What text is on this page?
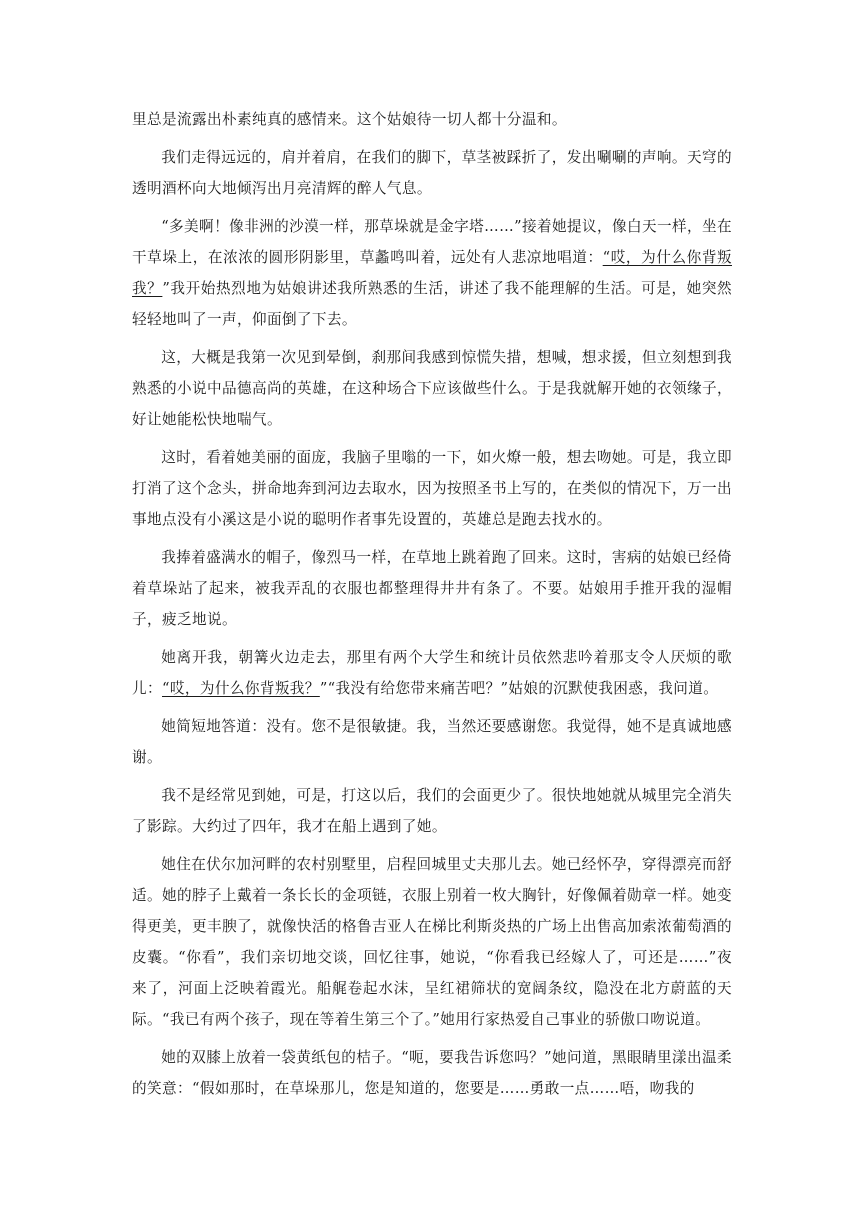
里总是流露出朴素纯真的感情来。这个姑娘待一切人都十分温和。

我们走得远远的，肩并着肩，在我们的脚下，草茎被踩折了，发出唰唰的声响。天穹的透明酒杯向大地倾泻出月亮清辉的醉人气息。

“多美啊！像非洲的沙漠一样，那草垛就是金字塔……”接着她提议，像白天一样，坐在干草垛上，在浓浓的圆形阴影里，草蠡鸣叫着，远处有人悲凉地唱道：“哎，为什么你背叛我？”我开始热烈地为姑娘讲述我所熟悉的生活，讲述了我不能理解的生活。可是，她突然轻轻地叫了一声，仰面倒了下去。

这，大概是我第一次见到晕倒，刹那间我感到惊慌失措，想喊，想求援，但立刻想到我熟悉的小说中品德高尚的英雄，在这种场合下应该做些什么。于是我就解开她的衣领缘子，好让她能松快地喘气。

这时，看着她美丽的面庞，我脑子里嗡的一下，如火燎一般，想去吻她。可是，我立即打消了这个念头，拼命地奔到河边去取水，因为按照圣书上写的，在类似的情况下，万一出事地点没有小溪这是小说的聪明作者事先设置的，英雄总是跑去找水的。

我捧着盛满水的帽子，像烈马一样，在草地上跳着跑了回来。这时，害病的姑娘已经倚着草垛站了起来，被我弄乱的衣服也都整理得井井有条了。不要。姑娘用手推开我的湿帽子，疲乏地说。

她离开我，朝篝火边走去，那里有两个大学生和统计员依然悲吟着那支令人厌烦的歌儿：“哎，为什么你背叛我？”“我没有给您带来痛苦吧？”姑娘的沉默使我困惑，我问道。

她简短地答道：没有。您不是很敏捷。我，当然还要感谢您。我觉得，她不是真诚地感谢。

我不是经常见到她，可是，打这以后，我们的会面更少了。很快地她就从城里完全消失了影踪。大约过了四年，我才在船上遇到了她。

她住在伏尔加河畔的农村别墅里，启程回城里丈夫那儿去。她已经怀孕，穿得漂亮而舒适。她的脖子上戴着一条长长的金项链，衣服上别着一枚大胸针，好像佩着勋章一样。她变得更美，更丰腴了，就像快活的格鲁吉亚人在梯比利斯炎热的广场上出售高加索浓葡萄酒的皮囊。“你看”，我们亲切地交谈，回忆往事，她说，“你看我已经嫁人了，可还是……”夜来了，河面上泛映着霞光。船艉卷起水沫，呈红裙筛状的宽阔条纹，隐没在北方蔚蓝的天际。“我已有两个孩子，现在等着生第三个了。”她用行家热爱自己事业的骄傲口吻说道。

她的双膝上放着一袋黄纸包的桔子。“呃，要我告诉您吗？”她问道，黑眼睛里漾出温柔的笑意：“假如那时，在草垛那儿，您是知道的，您要是……勇敢一点……唔，吻我的
